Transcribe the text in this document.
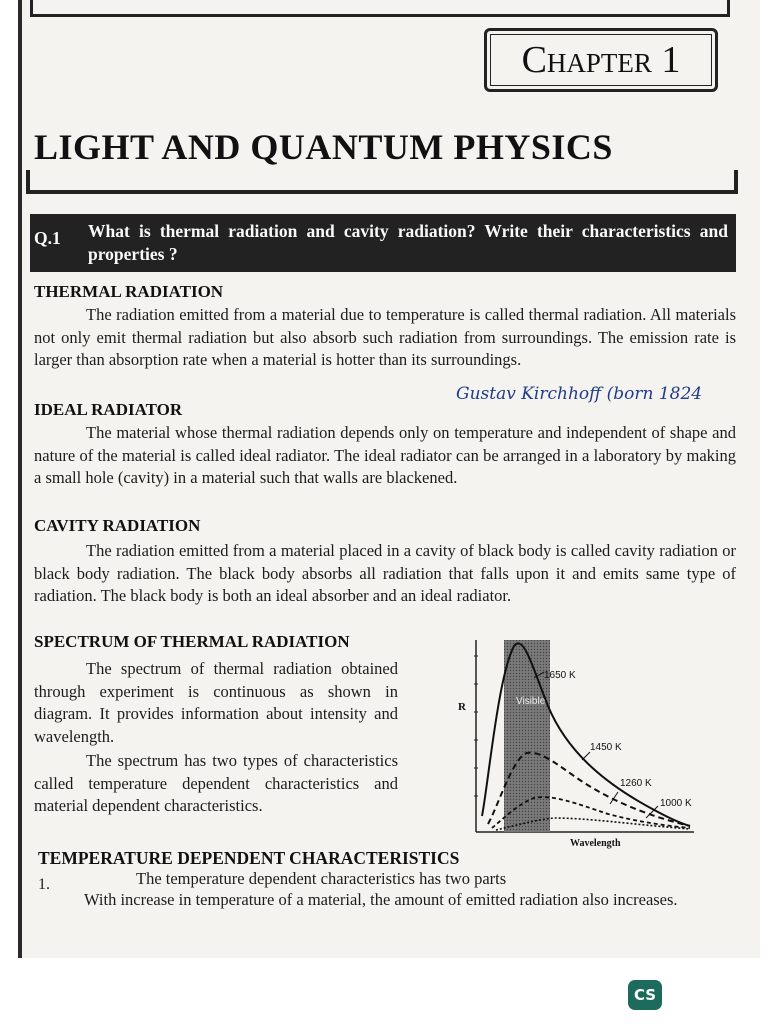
Chapter 1
LIGHT AND QUANTUM PHYSICS
Q.1 What is thermal radiation and cavity radiation? Write their characteristics and properties ?
THERMAL RADIATION
The radiation emitted from a material due to temperature is called thermal radiation. All materials not only emit thermal radiation but also absorb such radiation from surroundings. The emission rate is larger than absorption rate when a material is hotter than its surroundings.
IDEAL RADIATOR
Gustav Kirchhoff (born 1824
The material whose thermal radiation depends only on temperature and independent of shape and nature of the material is called ideal radiator. The ideal radiator can be arranged in a laboratory by making a small hole (cavity) in a material such that walls are blackened.
CAVITY RADIATION
The radiation emitted from a material placed in a cavity of black body is called cavity radiation or black body radiation. The black body absorbs all radiation that falls upon it and emits same type of radiation. The black body is both an ideal absorber and an ideal radiator.
SPECTRUM OF THERMAL RADIATION
The spectrum of thermal radiation obtained through experiment is continuous as shown in diagram. It provides information about intensity and wavelength.
The spectrum has two types of characteristics called temperature dependent characteristics and material dependent characteristics.
Visible
R
1650 K
1450 K
1260 K
1000 K
Wavelength
TEMPERATURE DEPENDENT CHARACTERISTICS
1.	The temperature dependent characteristics has two parts
With increase in temperature of a material, the amount of emitted radiation also increases.
CS
